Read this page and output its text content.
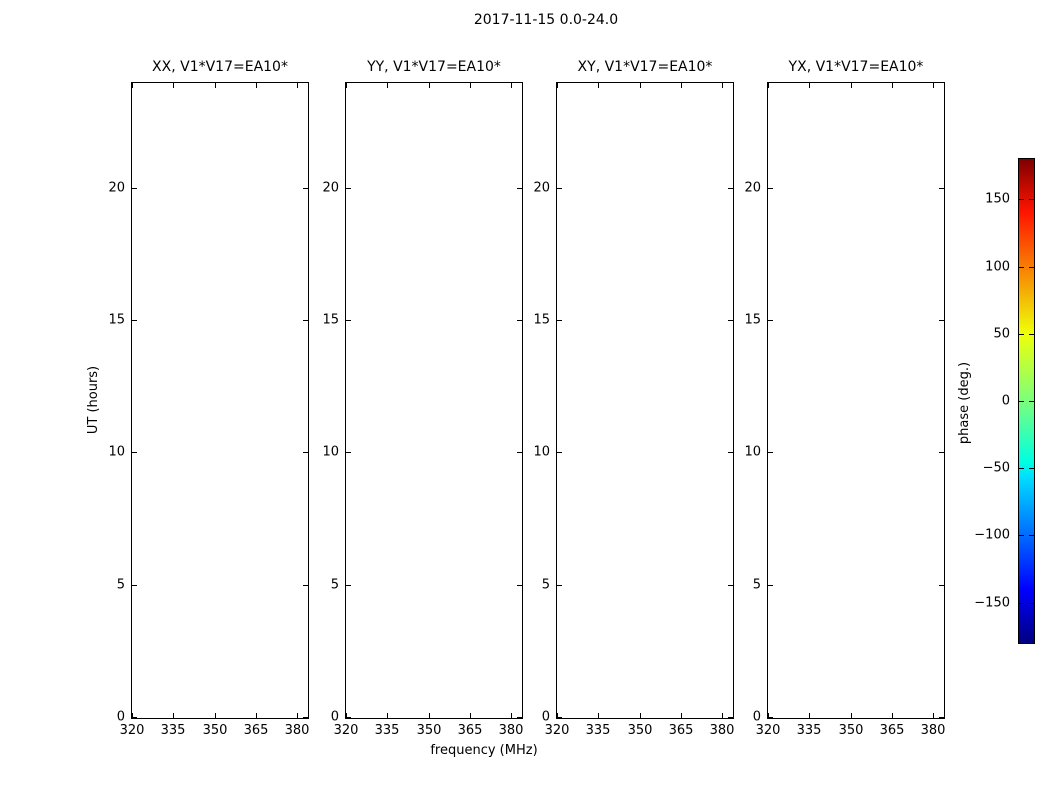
2017-11-15 0.0-24.0
XX, V1*V17=EA10*
320 335 350 365 380
0
5
10
15
20
YY, V1*V17=EA10*
320 335 350 365 380
0
5
10
15
20
XY, V1*V17=EA10*
320 335 350 365 380
0
5
10
15
20
YX, V1*V17=EA10*
320 335 350 365 380
0
5
10
15
20
frequency (MHz)
UT (hours)	phase (deg.)
150
100
50
0
−50
−100
−150
